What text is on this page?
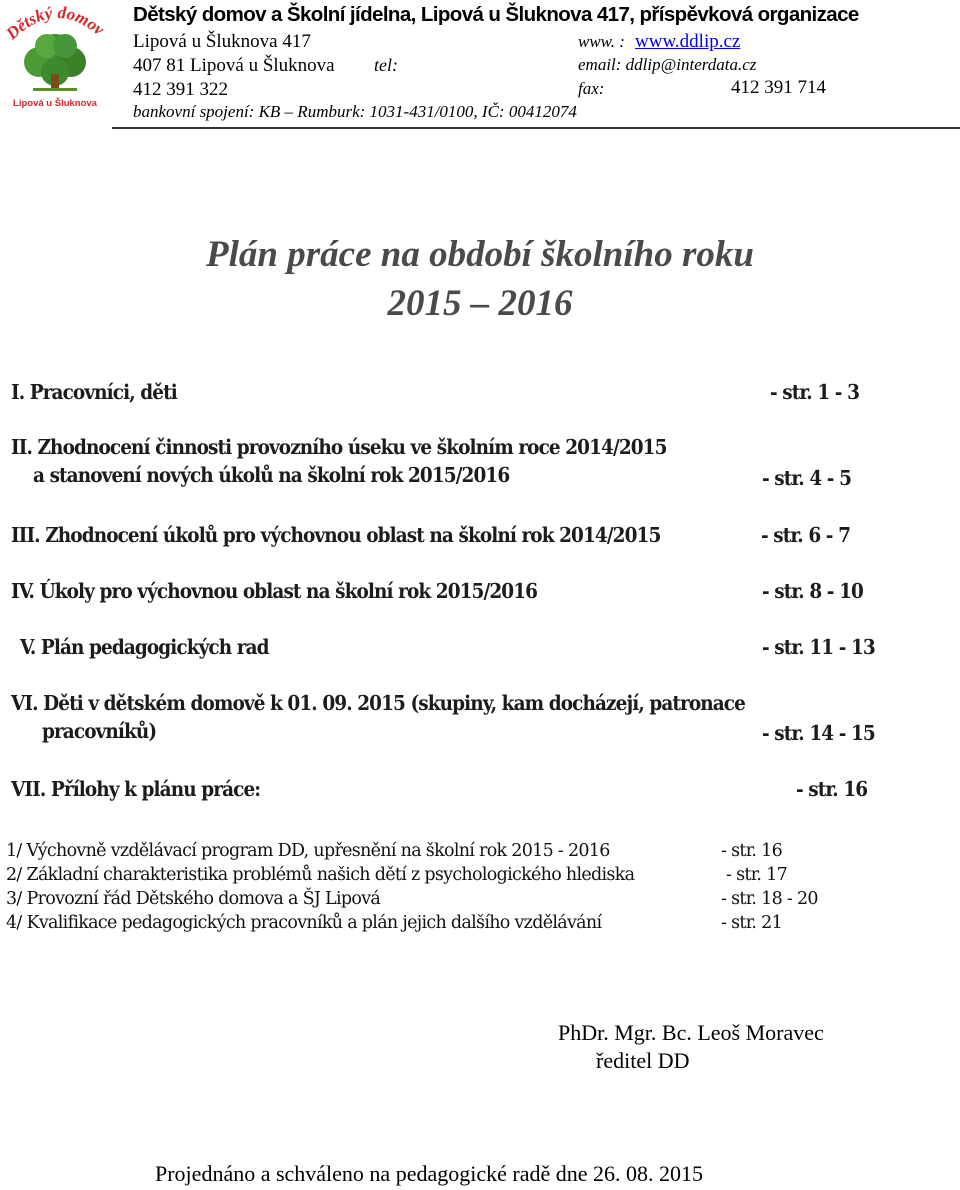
Dětský domov
Lipová u Šluknova
Dětský domov a Školní jídelna, Lipová u Šluknova 417, příspěvková organizace
Lipová u Šluknova 417
407 81 Lipová u Šluknova tel:
412 391 322
bankovní spojení: KB – Rumburk: 1031-431/0100, IČ: 00412074
www. : www.ddlip.cz
email: ddlip@interdata.cz
fax:	412 391 714
Plán práce na období školního roku
2015 – 2016
I. Pracovníci, děti	- str. 1 - 3
II. Zhodnocení činnosti provozního úseku ve školním roce 2014/2015
a stanovení nových úkolů na školní rok 2015/2016	- str. 4 - 5
III. Zhodnocení úkolů pro výchovnou oblast na školní rok 2014/2015	- str. 6 - 7
IV. Úkoly pro výchovnou oblast na školní rok 2015/2016	- str. 8 - 10
V. Plán pedagogických rad	- str. 11 - 13
VI. Děti v dětském domově k 01. 09. 2015 (skupiny, kam docházejí, patronace
pracovníků)	- str. 14 - 15
VII. Přílohy k plánu práce:	- str. 16
1/ Výchovně vzdělávací program DD, upřesnění na školní rok 2015 - 2016	- str. 16
2/ Základní charakteristika problémů našich dětí z psychologického hlediska	- str. 17
3/ Provozní řád Dětského domova a ŠJ Lipová	- str. 18 - 20
4/ Kvalifikace pedagogických pracovníků a plán jejich dalšího vzdělávání	- str. 21
PhDr. Mgr. Bc. Leoš Moravec
ředitel DD
Projednáno a schváleno na pedagogické radě dne 26. 08. 2015
